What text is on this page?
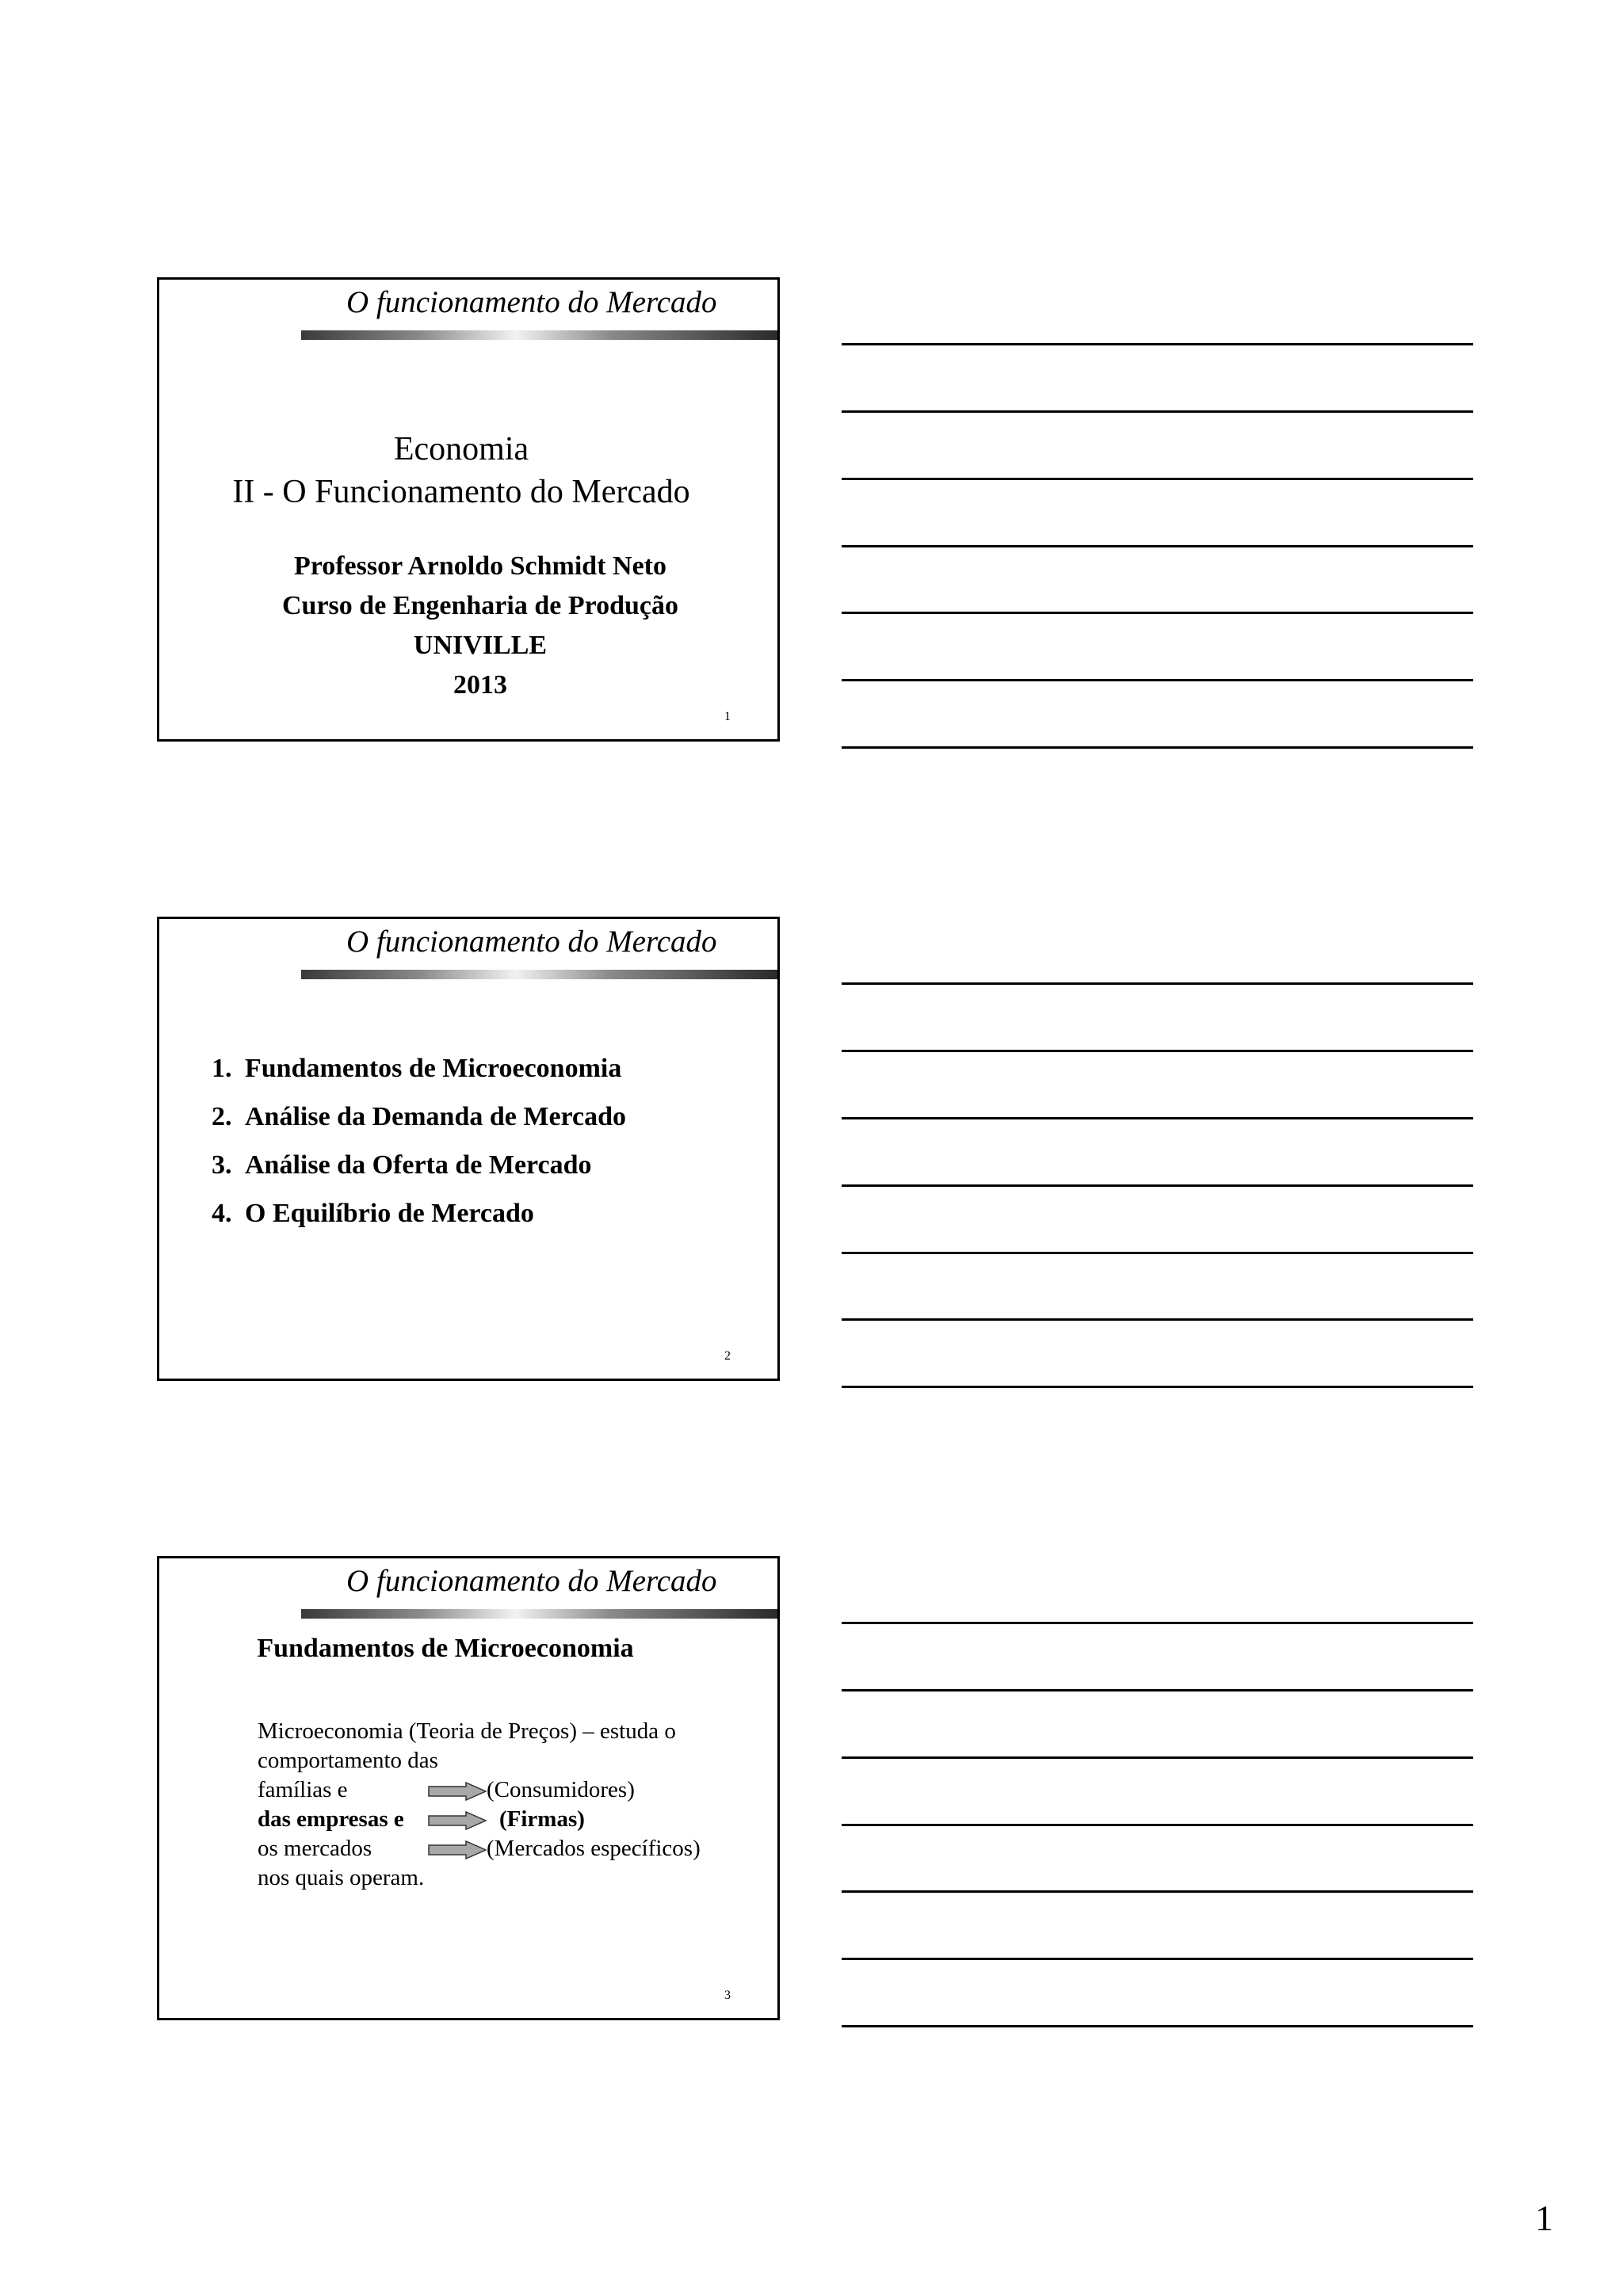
O funcionamento do Mercado
Economia
II - O Funcionamento do Mercado
Professor Arnoldo Schmidt Neto
Curso de Engenharia de Produção
UNIVILLE
2013
1
O funcionamento do Mercado
1. Fundamentos de Microeconomia
2. Análise da Demanda de Mercado
3. Análise da Oferta de Mercado
4. O Equilíbrio de Mercado
2
O funcionamento do Mercado
Fundamentos de Microeconomia
Microeconomia (Teoria de Preços) – estuda o
comportamento das
famílias e	(Consumidores)
das empresas e	(Firmas)
os mercados	(Mercados específicos)
nos quais operam.
3
1
